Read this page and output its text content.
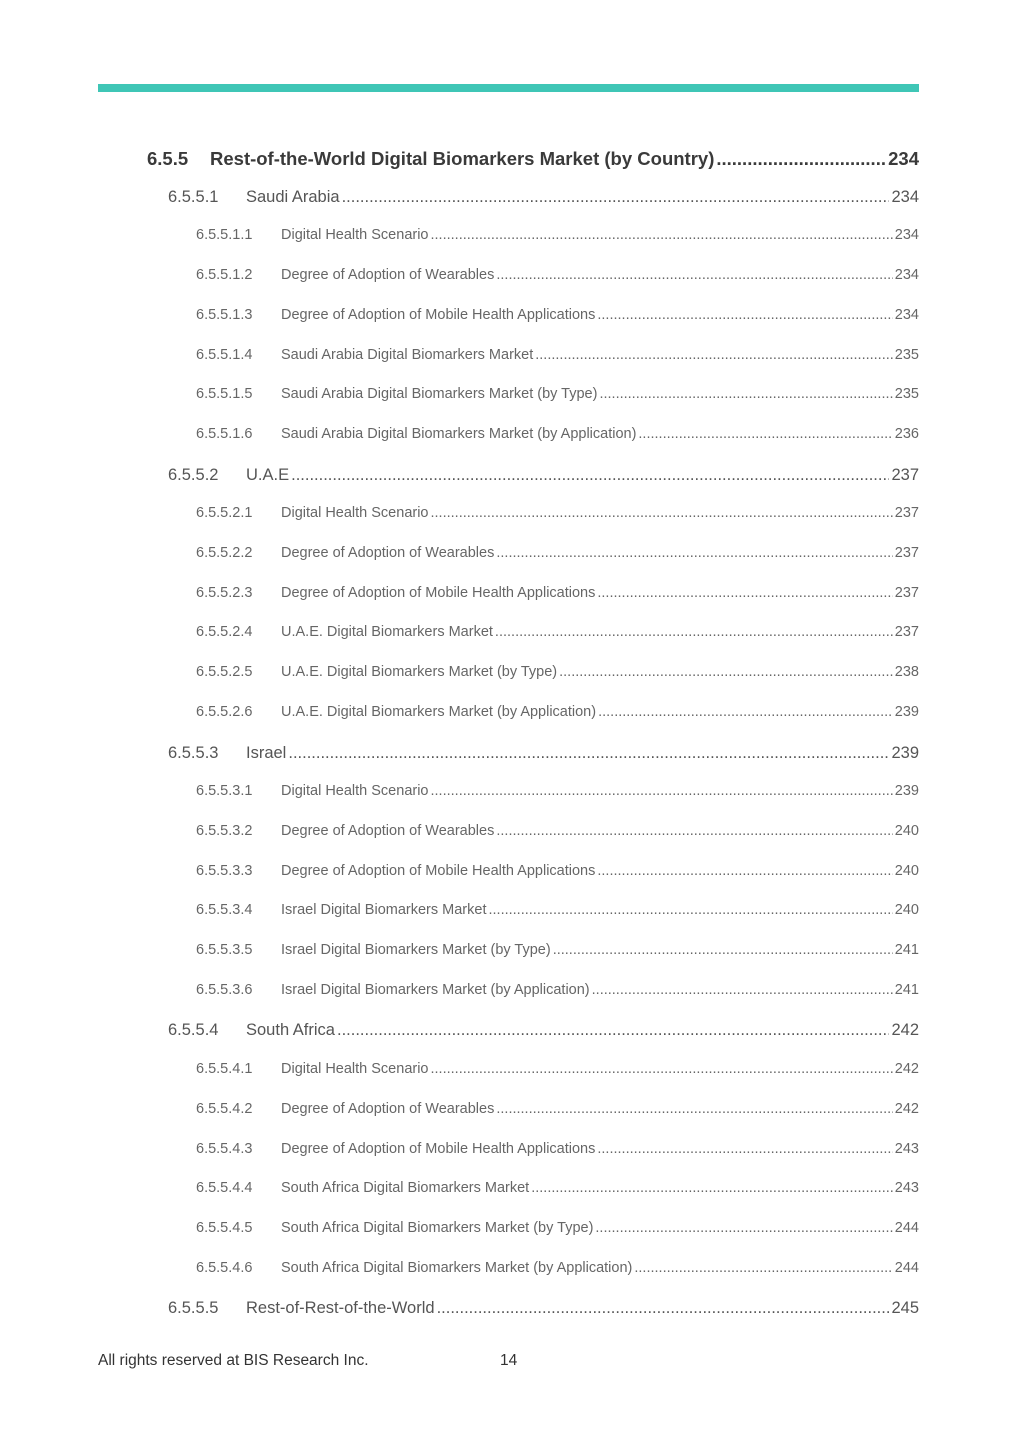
6.5.5	Rest-of-the-World Digital Biomarkers Market (by Country) .....	234
6.5.5.1	Saudi Arabia .....	234
6.5.5.1.1	Digital Health Scenario .....	234
6.5.5.1.2	Degree of Adoption of Wearables .....	234
6.5.5.1.3	Degree of Adoption of Mobile Health Applications .....	234
6.5.5.1.4	Saudi Arabia Digital Biomarkers Market .....	235
6.5.5.1.5	Saudi Arabia Digital Biomarkers Market (by Type) .....	235
6.5.5.1.6	Saudi Arabia Digital Biomarkers Market (by Application) .....	236
6.5.5.2	U.A.E .....	237
6.5.5.2.1	Digital Health Scenario .....	237
6.5.5.2.2	Degree of Adoption of Wearables .....	237
6.5.5.2.3	Degree of Adoption of Mobile Health Applications .....	237
6.5.5.2.4	U.A.E. Digital Biomarkers Market .....	237
6.5.5.2.5	U.A.E. Digital Biomarkers Market (by Type) .....	238
6.5.5.2.6	U.A.E. Digital Biomarkers Market (by Application) .....	239
6.5.5.3	Israel .....	239
6.5.5.3.1	Digital Health Scenario .....	239
6.5.5.3.2	Degree of Adoption of Wearables .....	240
6.5.5.3.3	Degree of Adoption of Mobile Health Applications .....	240
6.5.5.3.4	Israel Digital Biomarkers Market .....	240
6.5.5.3.5	Israel Digital Biomarkers Market (by Type) .....	241
6.5.5.3.6	Israel Digital Biomarkers Market (by Application) .....	241
6.5.5.4	South Africa .....	242
6.5.5.4.1	Digital Health Scenario .....	242
6.5.5.4.2	Degree of Adoption of Wearables .....	242
6.5.5.4.3	Degree of Adoption of Mobile Health Applications .....	243
6.5.5.4.4	South Africa Digital Biomarkers Market .....	243
6.5.5.4.5	South Africa Digital Biomarkers Market (by Type) .....	244
6.5.5.4.6	South Africa Digital Biomarkers Market (by Application) .....	244
6.5.5.5	Rest-of-Rest-of-the-World .....	245
All rights reserved at BIS Research Inc.	14
